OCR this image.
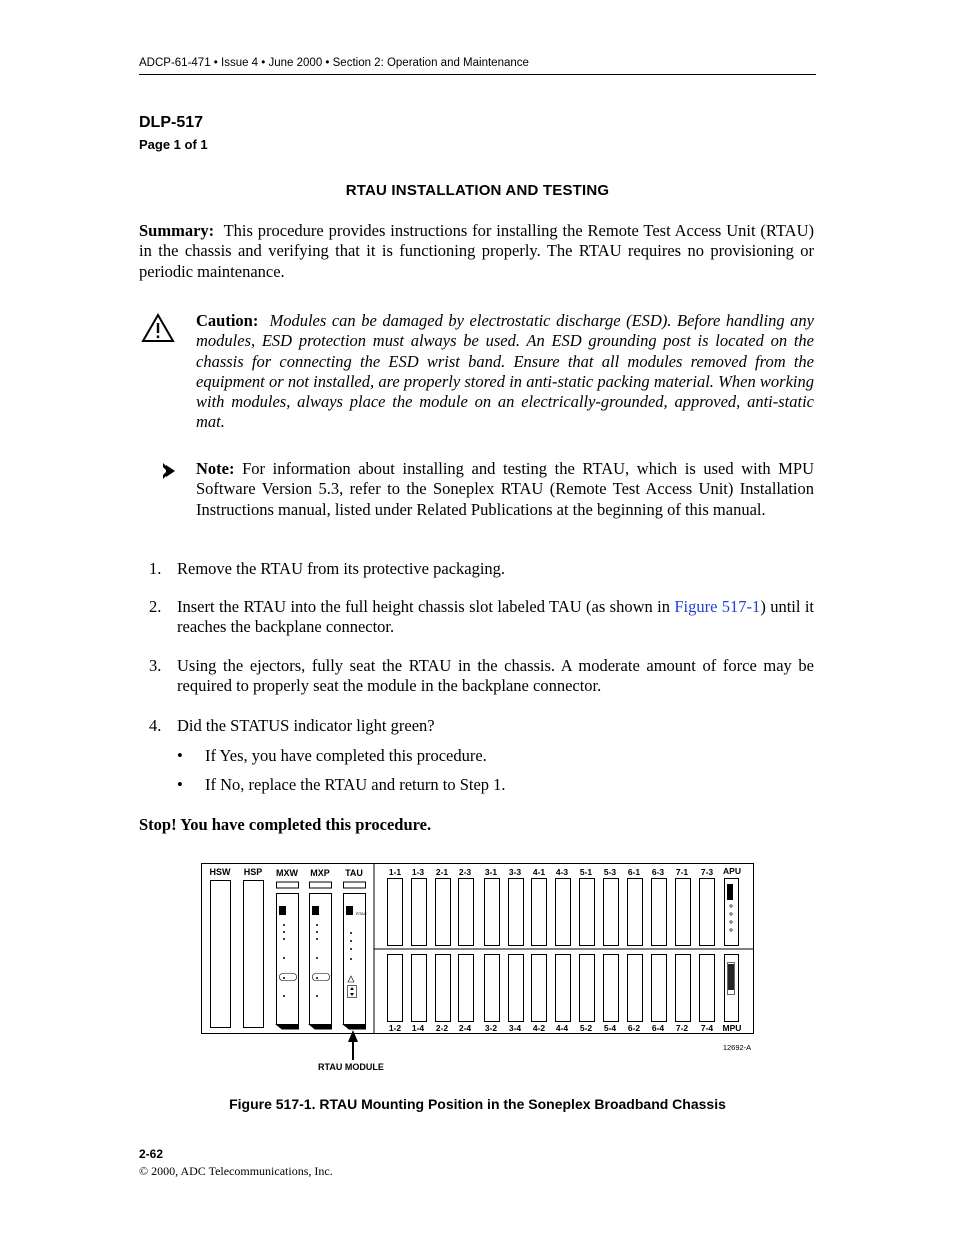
ADCP-61-471 • Issue 4 • June 2000 • Section 2: Operation and Maintenance
DLP-517
Page 1 of 1
RTAU INSTALLATION AND TESTING
Summary: This procedure provides instructions for installing the Remote Test Access Unit (RTAU) in the chassis and verifying that it is functioning properly. The RTAU requires no provisioning or periodic maintenance.
Caution: Modules can be damaged by electrostatic discharge (ESD). Before handling any modules, ESD protection must always be used. An ESD grounding post is located on the chassis for connecting the ESD wrist band. Ensure that all modules removed from the equipment or not installed, are properly stored in anti-static packing material. When working with modules, always place the module on an electrically-grounded, approved, anti-static mat.
Note: For information about installing and testing the RTAU, which is used with MPU Software Version 5.3, refer to the Soneplex RTAU (Remote Test Access Unit) Installation Instructions manual, listed under Related Publications at the beginning of this manual.
1. Remove the RTAU from its protective packaging.
2. Insert the RTAU into the full height chassis slot labeled TAU (as shown in Figure 517-1) until it reaches the backplane connector.
3. Using the ejectors, fully seat the RTAU in the chassis. A moderate amount of force may be required to properly seat the module in the backplane connector.
4. Did the STATUS indicator light green?
• If Yes, you have completed this procedure.
• If No, replace the RTAU and return to Step 1.
Stop! You have completed this procedure.
HSW HSP MXW MXP TAU
RTAU
1-1 1-3 2-1 2-3 3-1 3-3 4-1 4-3 5-1 5-3 6-1 6-3 7-1 7-3
1-2 1-4 2-2 2-4 3-2 3-4 4-2 4-4 5-2 5-4 6-2 6-4 7-2 7-4
APU
MPU
12692-A
RTAU MODULE
Figure 517-1. RTAU Mounting Position in the Soneplex Broadband Chassis
2-62
© 2000, ADC Telecommunications, Inc.
